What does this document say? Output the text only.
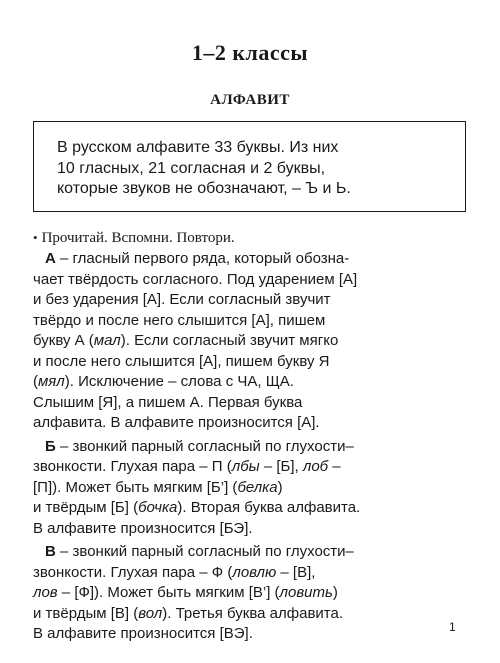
1–2 классы
АЛФАВИТ
В русском алфавите 33 буквы. Из них
10 гласных, 21 согласная и 2 буквы,
которые звуков не обозначают, – Ъ и Ь.
• Прочитай. Вспомни. Повтори.
А – гласный первого ряда, который обозна-
чает твёрдость согласного. Под ударением [А]
и без ударения [А]. Если согласный звучит
твёрдо и после него слышится [А], пишем
букву А (мал). Если согласный звучит мягко
и после него слышится [А], пишем букву Я
(мял). Исключение – слова с ЧА, ЩА.
Слышим [Я], а пишем А. Первая буква
алфавита. В алфавите произносится [А].
Б – звонкий парный согласный по глухости–
звонкости. Глухая пара – П (лбы – [Б], лоб –
[П]). Может быть мягким [Б’] (белка)
и твёрдым [Б] (бочка). Вторая буква алфавита.
В алфавите произносится [БЭ].
В – звонкий парный согласный по глухости–
звонкости. Глухая пара – Ф (ловлю – [В],
лов – [Ф]). Может быть мягким [В’] (ловить)
и твёрдым [В] (вол). Третья буква алфавита.
В алфавите произносится [ВЭ].	1
